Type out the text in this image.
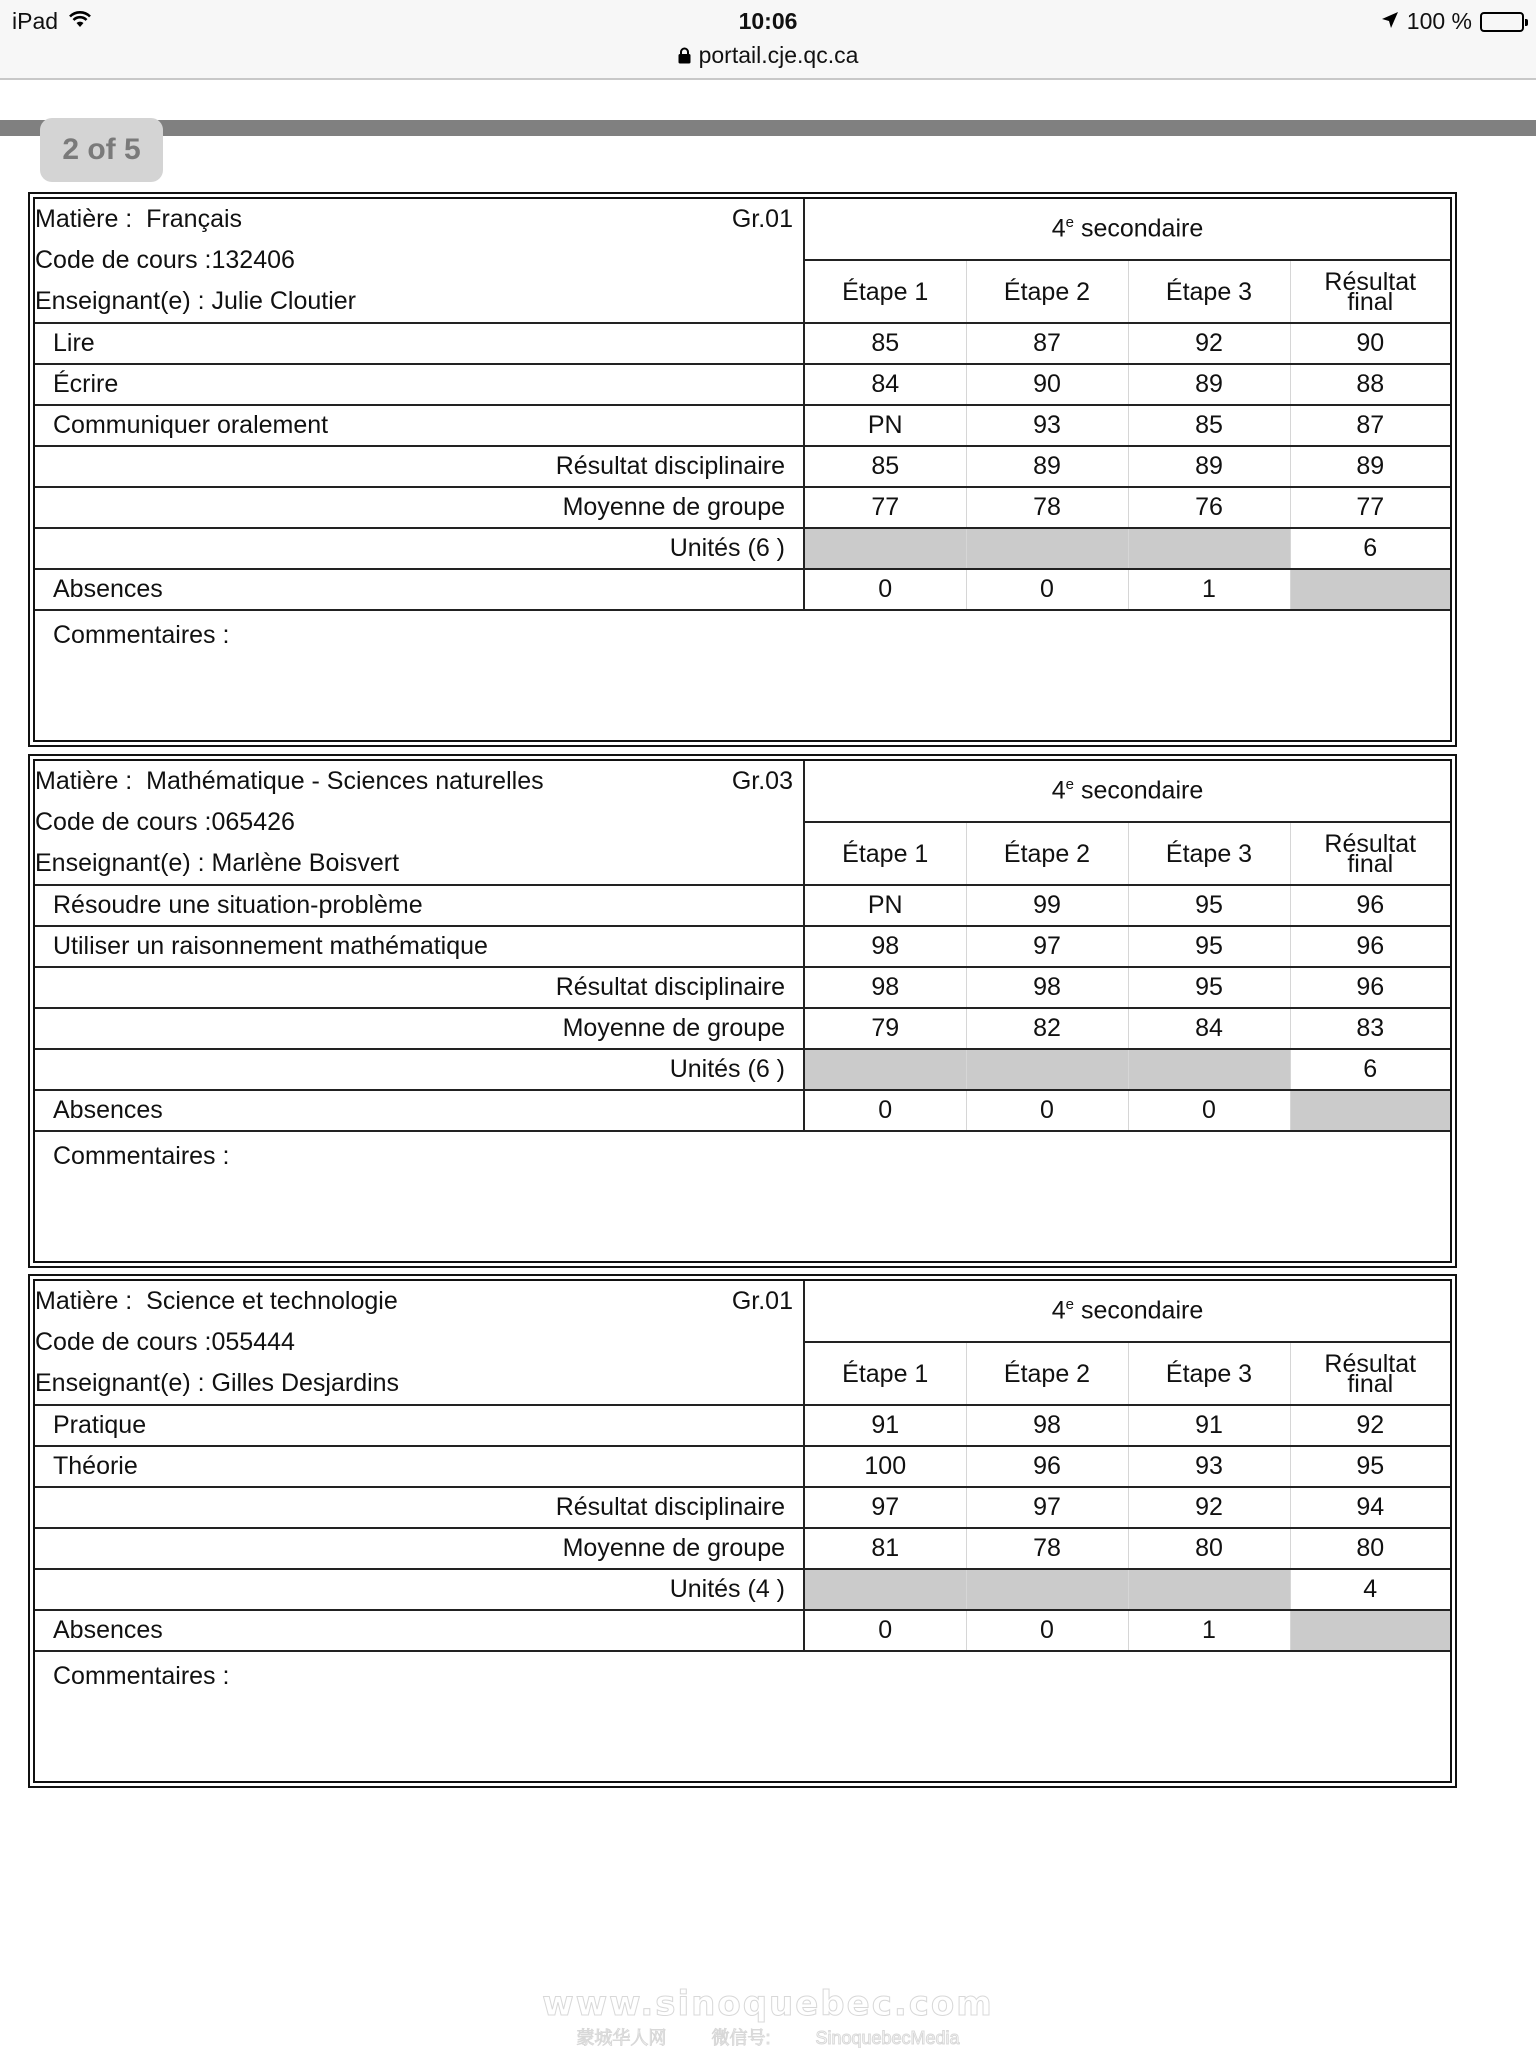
iPad	10:06	100 %
portail.cje.qc.ca
2 of 5
Matière : Français Gr.01
Code de cours :132406
Enseignant(e) : Julie Cloutier	4e secondaire			
	Étape 1	Étape 2	Étape 3	Résultat
final
Lire	85	87	92	90
Écrire	84	90	89	88
Communiquer oralement	PN	93	85	87
Résultat disciplinaire	85	89	89	89
Moyenne de groupe	77	78	76	77
Unités (6 )				6
Absences	0	0	1	
Commentaires :				
Matière : Mathématique - Sciences naturelles Gr.03
Code de cours :065426
Enseignant(e) : Marlène Boisvert	4e secondaire			
	Étape 1	Étape 2	Étape 3	Résultat
final
Résoudre une situation-problème	PN	99	95	96
Utiliser un raisonnement mathématique	98	97	95	96
Résultat disciplinaire	98	98	95	96
Moyenne de groupe	79	82	84	83
Unités (6 )				6
Absences	0	0	0	
Commentaires :				
Matière : Science et technologie Gr.01
Code de cours :055444
Enseignant(e) : Gilles Desjardins	4e secondaire			
	Étape 1	Étape 2	Étape 3	Résultat
final
Pratique	91	98	91	92
Théorie	100	96	93	95
Résultat disciplinaire	97	97	92	94
Moyenne de groupe	81	78	80	80
Unités (4 )				4
Absences	0	0	1	
Commentaires :				
www.sinoquebec.com
蒙城华人网	微信号: SinoquebecMedia
